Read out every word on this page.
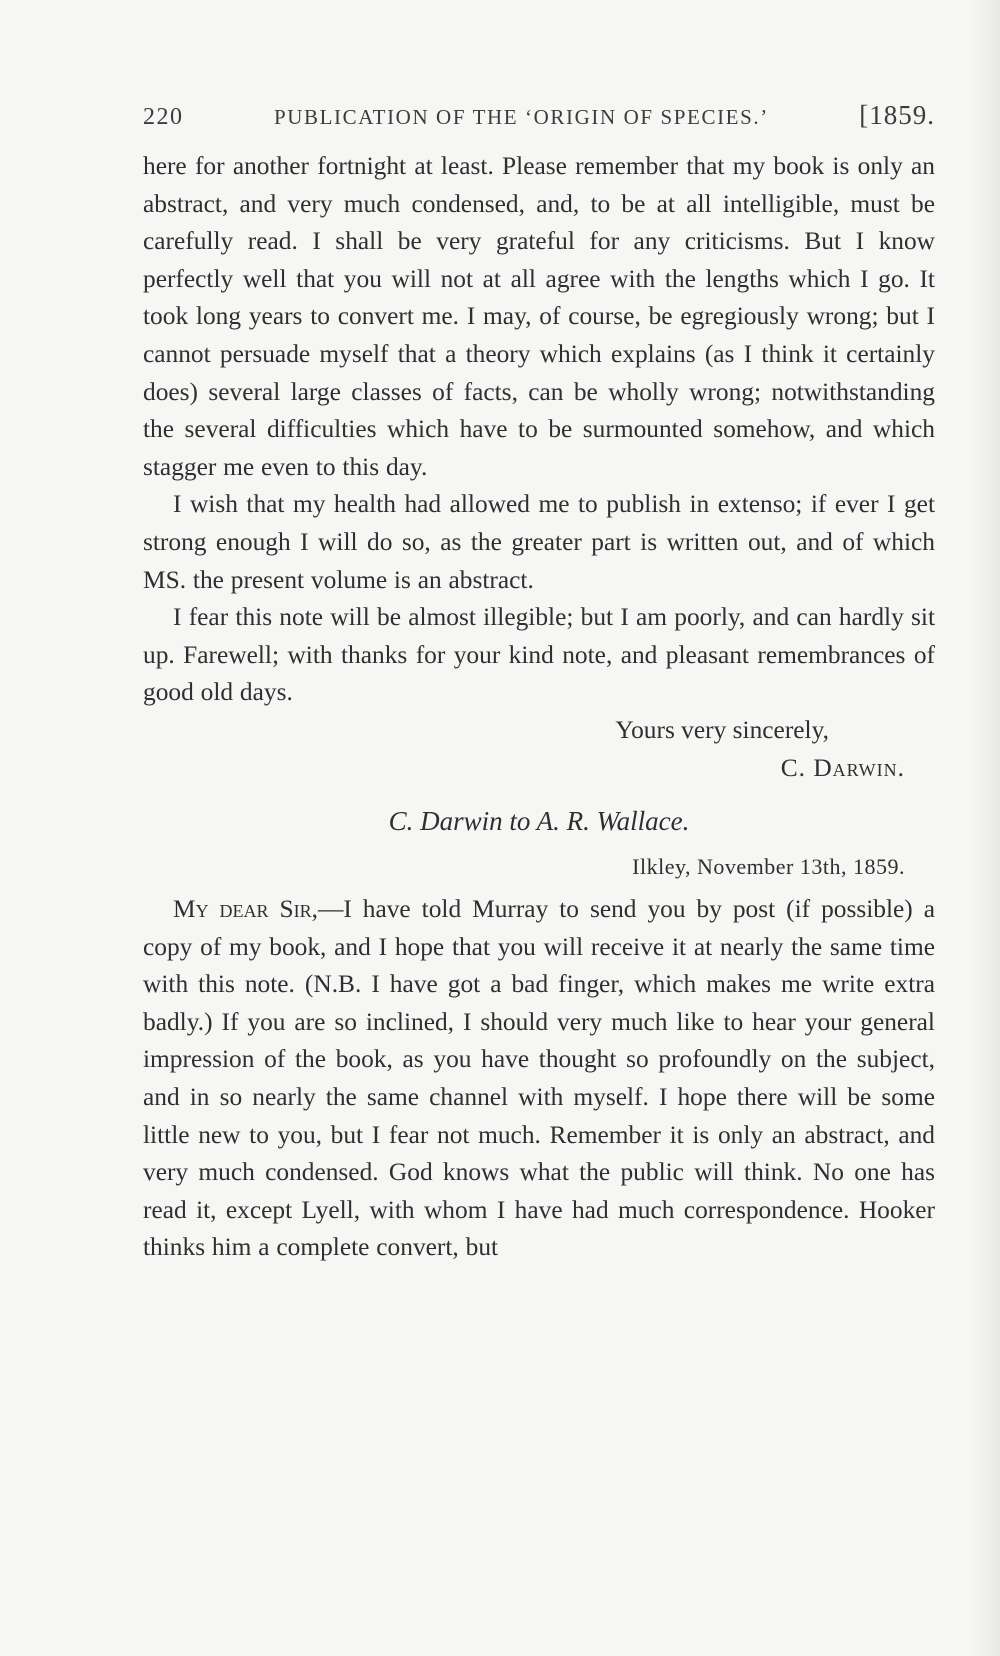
220	PUBLICATION OF THE ‘ORIGIN OF SPECIES.’	[1859.

here for another fortnight at least. Please remember that my book is only an abstract, and very much condensed, and, to be at all intelligible, must be carefully read. I shall be very grateful for any criticisms. But I know perfectly well that you will not at all agree with the lengths which I go. It took long years to convert me. I may, of course, be egregiously wrong; but I cannot persuade myself that a theory which explains (as I think it certainly does) several large classes of facts, can be wholly wrong; notwithstanding the several difficulties which have to be surmounted somehow, and which stagger me even to this day.

I wish that my health had allowed me to publish in extenso; if ever I get strong enough I will do so, as the greater part is written out, and of which MS. the present volume is an abstract.

I fear this note will be almost illegible; but I am poorly, and can hardly sit up. Farewell; with thanks for your kind note, and pleasant remembrances of good old days.

Yours very sincerely,

C. Darwin.

C. Darwin to A. R. Wallace.
Ilkley, November 13th, 1859.

My dear Sir,—I have told Murray to send you by post (if possible) a copy of my book, and I hope that you will receive it at nearly the same time with this note. (N.B. I have got a bad finger, which makes me write extra badly.) If you are so inclined, I should very much like to hear your general impression of the book, as you have thought so profoundly on the subject, and in so nearly the same channel with myself. I hope there will be some little new to you, but I fear not much. Remember it is only an abstract, and very much condensed. God knows what the public will think. No one has read it, except Lyell, with whom I have had much correspondence. Hooker thinks him a complete convert, but
